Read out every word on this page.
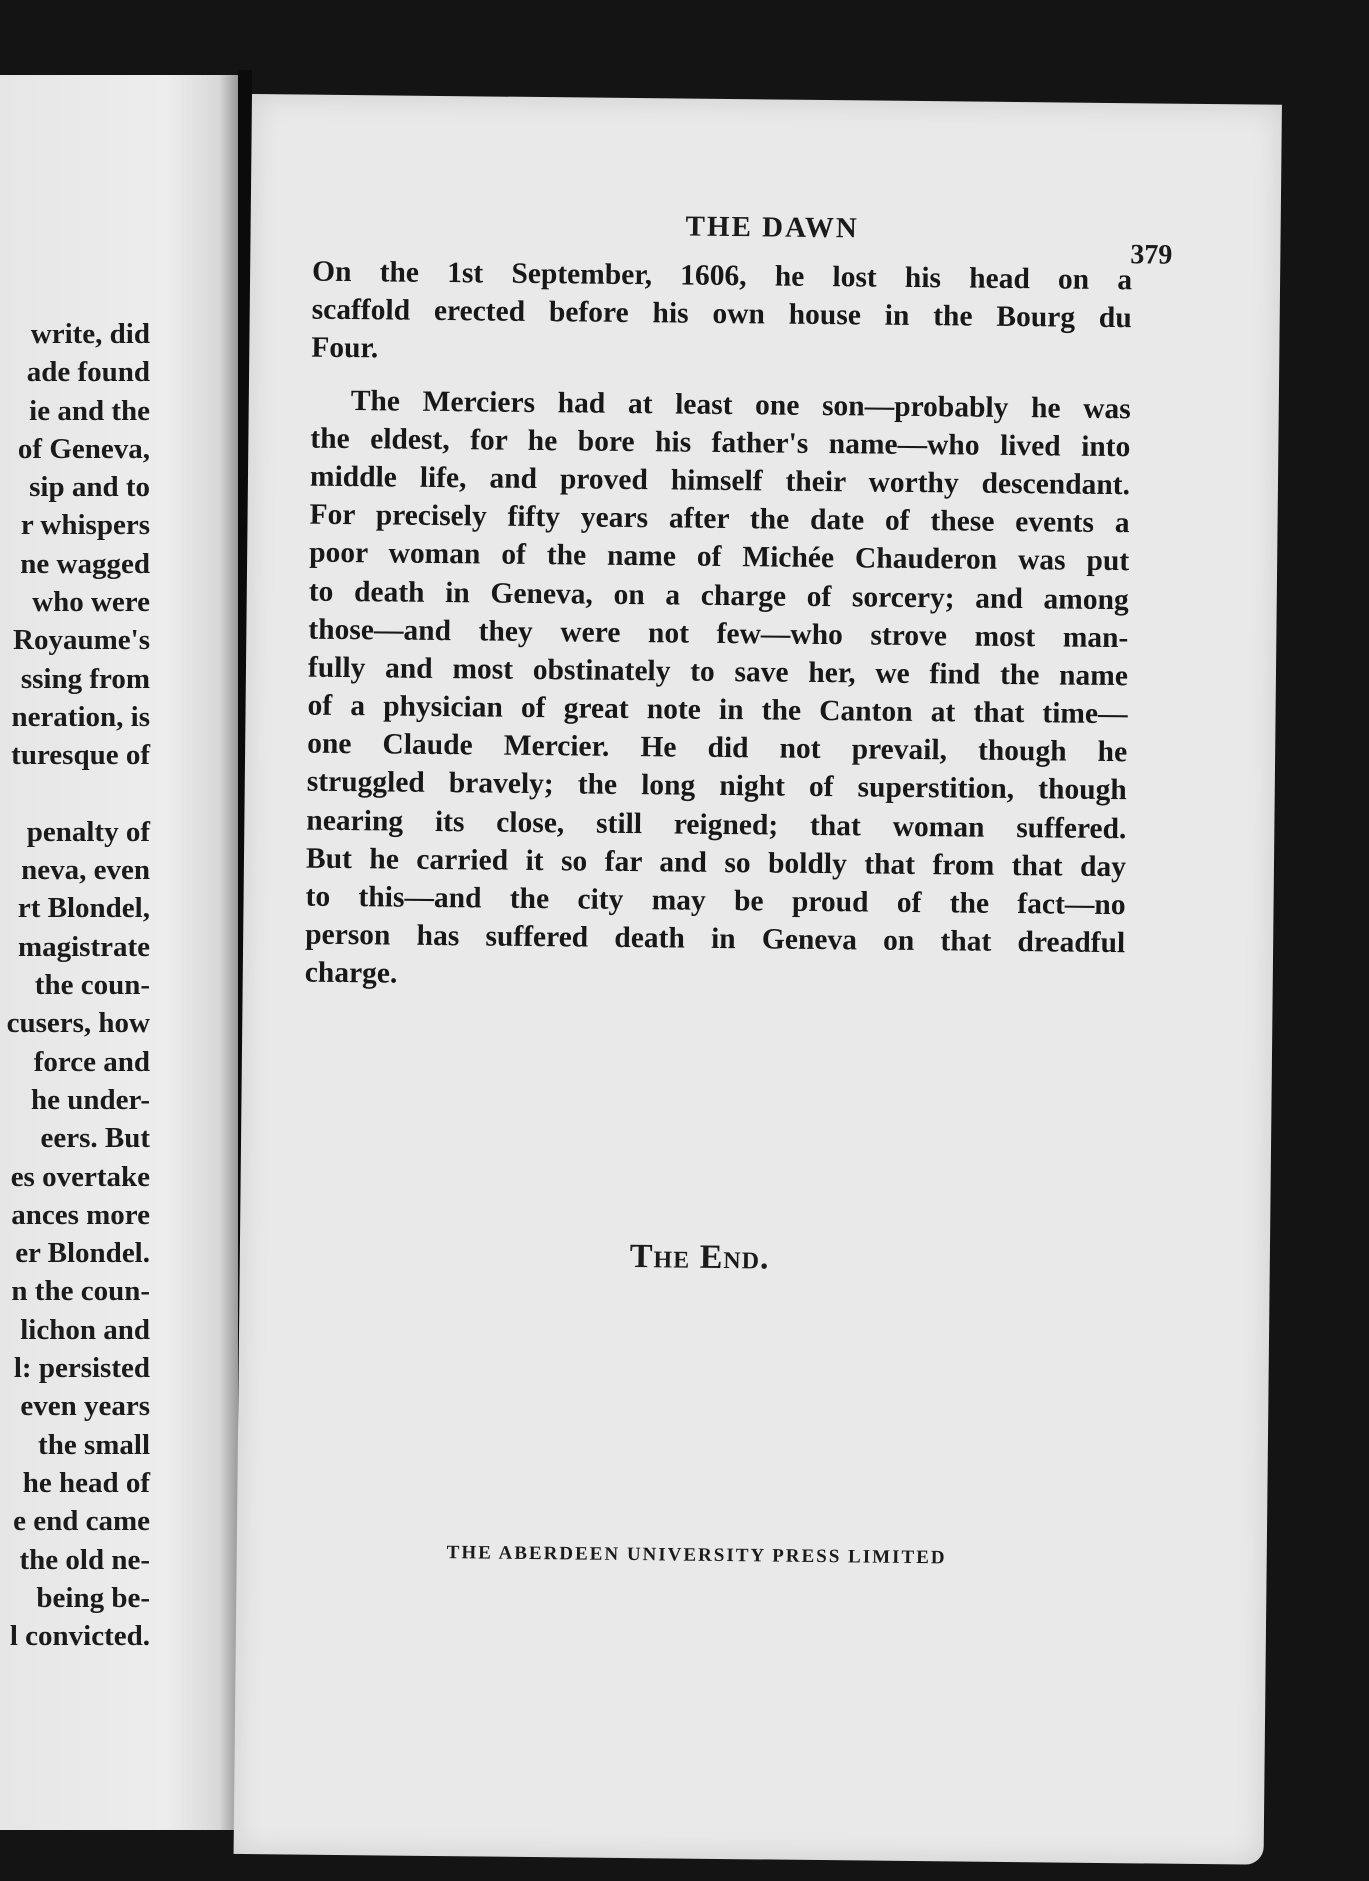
write, did
ade found
ie and the
of Geneva,
sip and to
r whispers
ne wagged
who were
Royaume's
ssing from
neration, is
turesque of
penalty of
neva, even
rt Blondel,
magistrate
the coun-
cusers, how
force and
he under-
eers. But
es overtake
ances more
er Blondel.
n the coun-
lichon and
l: persisted
even years
the small
he head of
e end came
the old ne-
being be-
l convicted.
THE DAWN
379
On the 1st September, 1606, he lost his head on a
scaffold erected before his own house in the Bourg du
Four.
The Merciers had at least one son—probably he was
the eldest, for he bore his father's name—who lived into
middle life, and proved himself their worthy descendant.
For precisely fifty years after the date of these events a
poor woman of the name of Michée Chauderon was put
to death in Geneva, on a charge of sorcery; and among
those—and they were not few—who strove most man-
fully and most obstinately to save her, we find the name
of a physician of great note in the Canton at that time—
one Claude Mercier. He did not prevail, though he
struggled bravely; the long night of superstition, though
nearing its close, still reigned; that woman suffered.
But he carried it so far and so boldly that from that day
to this—and the city may be proud of the fact—no
person has suffered death in Geneva on that dreadful
charge.
The End.
THE ABERDEEN UNIVERSITY PRESS LIMITED
